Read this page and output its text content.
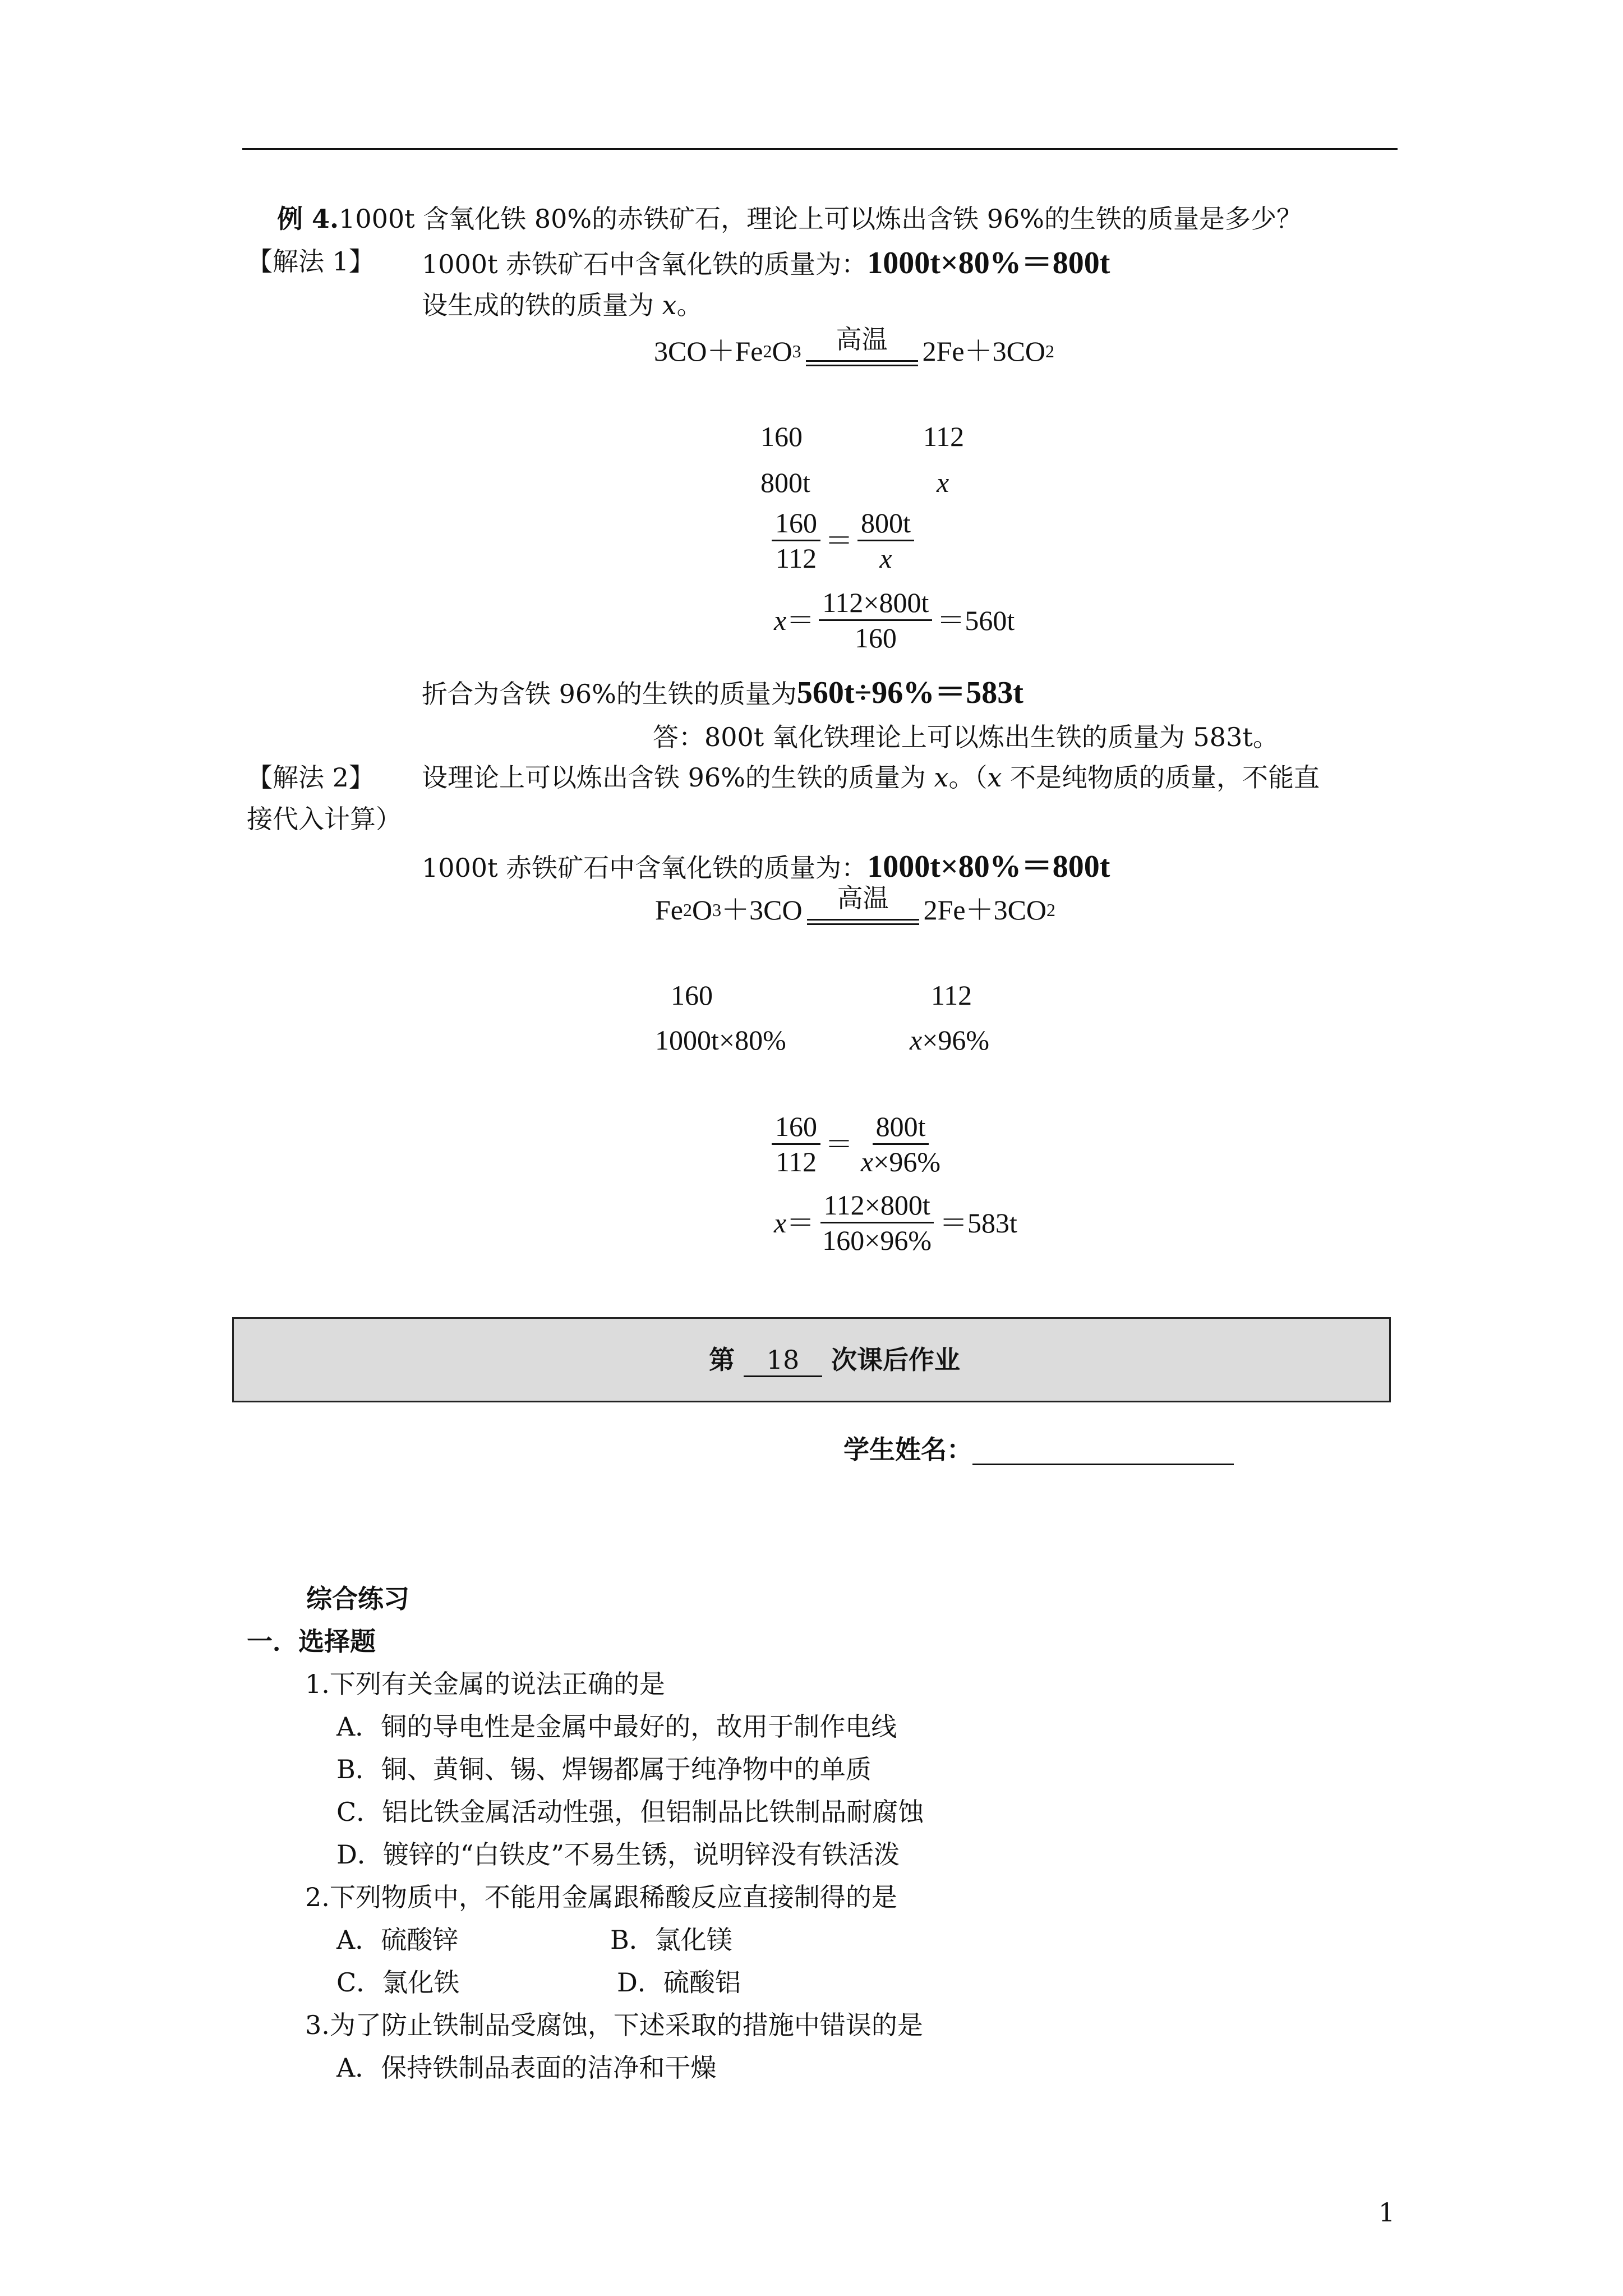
例 4.1000t 含氧化铁 80%的赤铁矿石，理论上可以炼出含铁 96%的生铁的质量是多少？
【解法 1】 1000t 赤铁矿石中含氧化铁的质量为：1000t×80%＝800t
设生成的铁的质量为 x。
3CO＋Fe 2 O 3	高温	2Fe＋3CO 2
160	112
800t	x
$\frac{160}{112} = \frac{800t}{x}$
$x = \frac{112\times 800t}{160} =560t$
折合为含铁 96%的生铁的质量为560t÷96%＝583t
答：800t 氧化铁理论上可以炼出生铁的质量为 583t。
【解法 2】 设理论上可以炼出含铁 96%的生铁的质量为 x。（x 不是纯物质的质量，不能直
接代入计算）
1000t 赤铁矿石中含氧化铁的质量为：1000t×80%＝800t
Fe 2 O 3 ＋3CO	高温	2Fe＋3CO 2
160	112
1000t×80%	x×96%
$\frac{160}{112} = \frac{800t}{x\times 96\%}$
$x = \frac{112\times 800t}{160\times 96\%} =583t$
第 18 次课后作业
学生姓名：
综合练习
一．选择题
1.下列有关金属的说法正确的是
A．铜的导电性是金属中最好的，故用于制作电线
B．铜、黄铜、锡、焊锡都属于纯净物中的单质
C．铝比铁金属活动性强，但铝制品比铁制品耐腐蚀
D．镀锌的“白铁皮”不易生锈，说明锌没有铁活泼
2.下列物质中，不能用金属跟稀酸反应直接制得的是
A．硫酸锌	B．氯化镁
C．氯化铁	D．硫酸铝
3.为了防止铁制品受腐蚀，下述采取的措施中错误的是
A．保持铁制品表面的洁净和干燥
1
